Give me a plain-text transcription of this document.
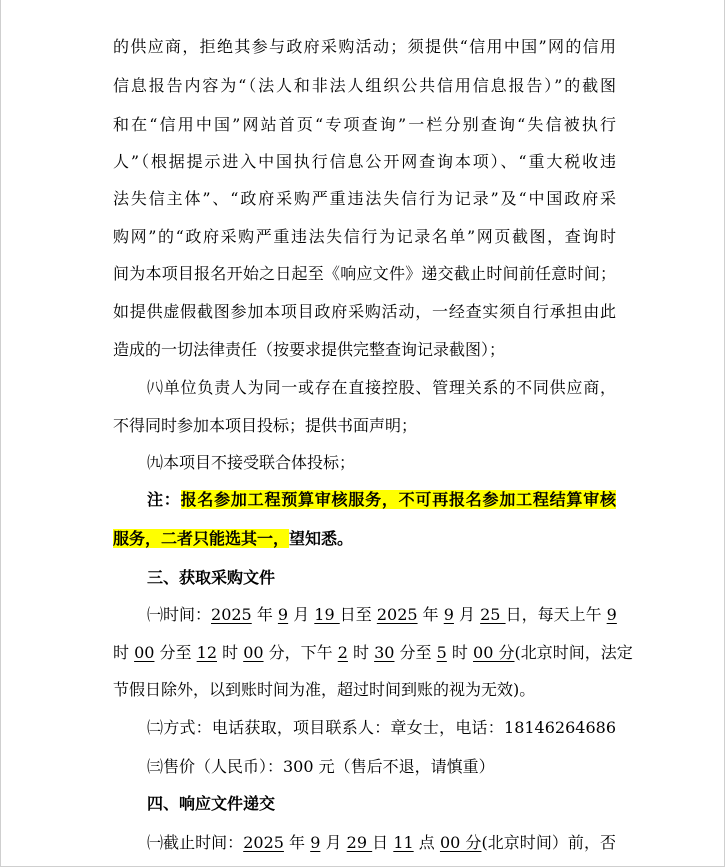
的供应商，拒绝其参与政府采购活动；须提供“信用中国”网的信用
信息报告内容为“（法人和非法人组织公共信用信息报告）”的截图
和在“信用中国”网站首页“专项查询”一栏分别查询“失信被执行
人”（根据提示进入中国执行信息公开网查询本项）、“重大税收违
法失信主体”、“政府采购严重违法失信行为记录”及“中国政府采
购网”的“政府采购严重违法失信行为记录名单”网页截图，查询时
间为本项目报名开始之日起至《响应文件》递交截止时间前任意时间；
如提供虚假截图参加本项目政府采购活动，一经查实须自行承担由此
造成的一切法律责任（按要求提供完整查询记录截图）；
㈧单位负责人为同一或存在直接控股、管理关系的不同供应商，
不得同时参加本项目投标；提供书面声明；
㈨本项目不接受联合体投标；
注：报名参加工程预算审核服务，不可再报名参加工程结算审核
服务，二者只能选其一，望知悉。
三、获取采购文件
㈠时间：2025 年 9 月 19 日至 2025 年 9 月 25 日，每天上午 9
时 00 分至 12 时 00 分，下午 2 时 30 分至 5 时 00 分(北京时间，法定
节假日除外，以到账时间为准，超过时间到账的视为无效)。
㈡方式：电话获取，项目联系人：章女士，电话：18146264686
㈢售价（人民币）：300 元（售后不退，请慎重）
四、响应文件递交
㈠截止时间：2025 年 9 月 29 日 11 点 00 分(北京时间）前，否
